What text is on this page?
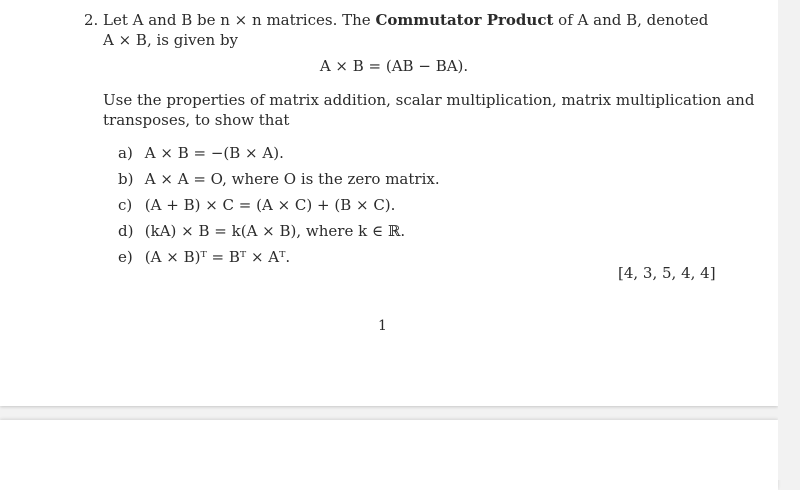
2. Let A and B be n × n matrices. The Commutator Product of A and B, denoted
A × B, is given by
A × B = (AB − BA).
Use the properties of matrix addition, scalar multiplication, matrix multiplication and
transposes, to show that
a) A × B = −(B × A).
b) A × A = O, where O is the zero matrix.
c) (A + B) × C = (A × C) + (B × C).
d) (kA) × B = k(A × B), where k ∈ ℝ.
e) (A × B)ᵀ = Bᵀ × Aᵀ.
[4, 3, 5, 4, 4]
1
